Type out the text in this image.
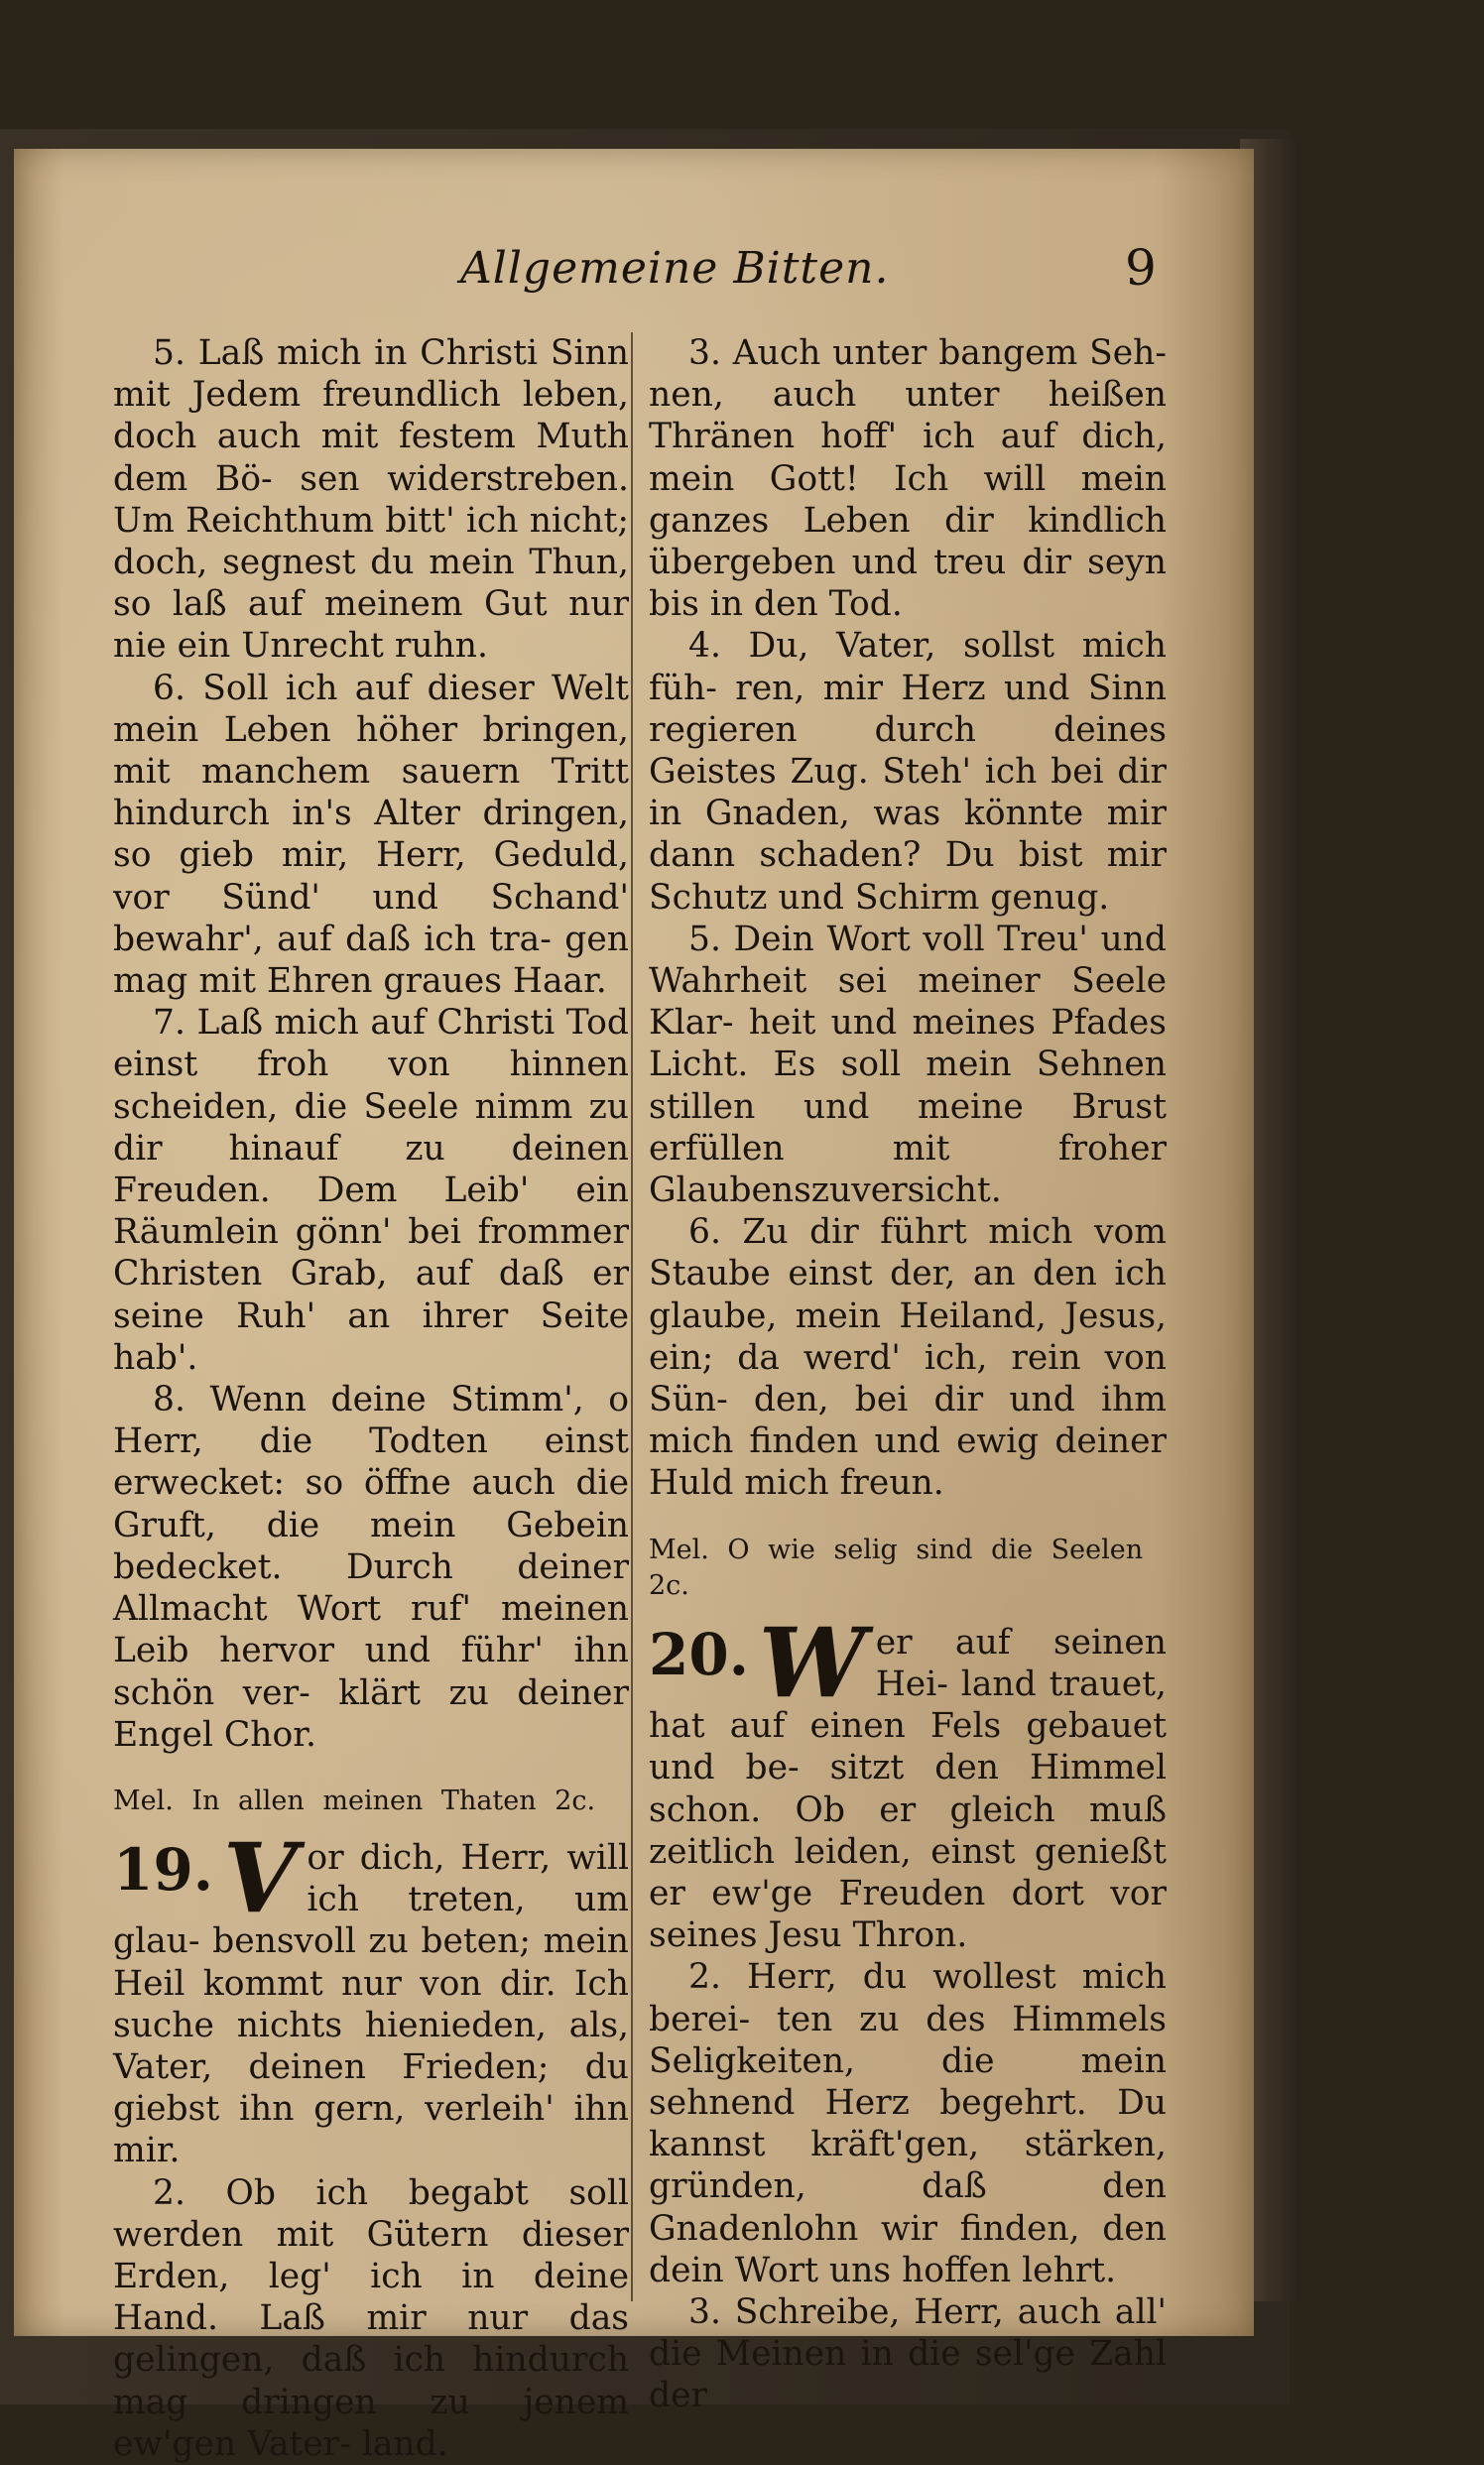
Allgemeine Bitten.	9

5. Laß mich in Christi Sinn mit Jedem freundlich leben, doch auch mit festem Muth dem Bö- sen widerstreben. Um Reichthum bitt' ich nicht; doch, segnest du mein Thun, so laß auf meinem Gut nur nie ein Unrecht ruhn.

6. Soll ich auf dieser Welt mein Leben höher bringen, mit manchem sauern Tritt hindurch in's Alter dringen, so gieb mir, Herr, Geduld, vor Sünd' und Schand' bewahr', auf daß ich tra- gen mag mit Ehren graues Haar.

7. Laß mich auf Christi Tod einst froh von hinnen scheiden, die Seele nimm zu dir hinauf zu deinen Freuden. Dem Leib' ein Räumlein gönn' bei frommer Christen Grab, auf daß er seine Ruh' an ihrer Seite hab'.

8. Wenn deine Stimm', o Herr, die Todten einst erwecket: so öffne auch die Gruft, die mein Gebein bedecket. Durch deiner Allmacht Wort ruf' meinen Leib hervor und führ' ihn schön ver- klärt zu deiner Engel Chor.

Mel. In allen meinen Thaten 2c.

19. V or dich, Herr, will ich treten, um glau- bensvoll zu beten; mein Heil kommt nur von dir. Ich suche nichts hienieden, als, Vater, deinen Frieden; du giebst ihn gern, verleih' ihn mir.

2. Ob ich begabt soll werden mit Gütern dieser Erden, leg' ich in deine Hand. Laß mir nur das gelingen, daß ich hindurch mag dringen zu jenem ew'gen Vater- land.

3. Auch unter bangem Seh- nen, auch unter heißen Thränen hoff' ich auf dich, mein Gott! Ich will mein ganzes Leben dir kindlich übergeben und treu dir seyn bis in den Tod.

4. Du, Vater, sollst mich füh- ren, mir Herz und Sinn regieren durch deines Geistes Zug. Steh' ich bei dir in Gnaden, was könnte mir dann schaden? Du bist mir Schutz und Schirm genug.

5. Dein Wort voll Treu' und Wahrheit sei meiner Seele Klar- heit und meines Pfades Licht. Es soll mein Sehnen stillen und meine Brust erfüllen mit froher Glaubenszuversicht.

6. Zu dir führt mich vom Staube einst der, an den ich glaube, mein Heiland, Jesus, ein; da werd' ich, rein von Sün- den, bei dir und ihm mich finden und ewig deiner Huld mich freun.

Mel. O wie selig sind die Seelen 2c.

20. W er auf seinen Hei- land trauet, hat auf einen Fels gebauet und be- sitzt den Himmel schon. Ob er gleich muß zeitlich leiden, einst genießt er ew'ge Freuden dort vor seines Jesu Thron.

2. Herr, du wollest mich berei- ten zu des Himmels Seligkeiten, die mein sehnend Herz begehrt. Du kannst kräft'gen, stärken, gründen, daß den Gnadenlohn wir finden, den dein Wort uns hoffen lehrt.

3. Schreibe, Herr, auch all' die Meinen in die sel'ge Zahl der
